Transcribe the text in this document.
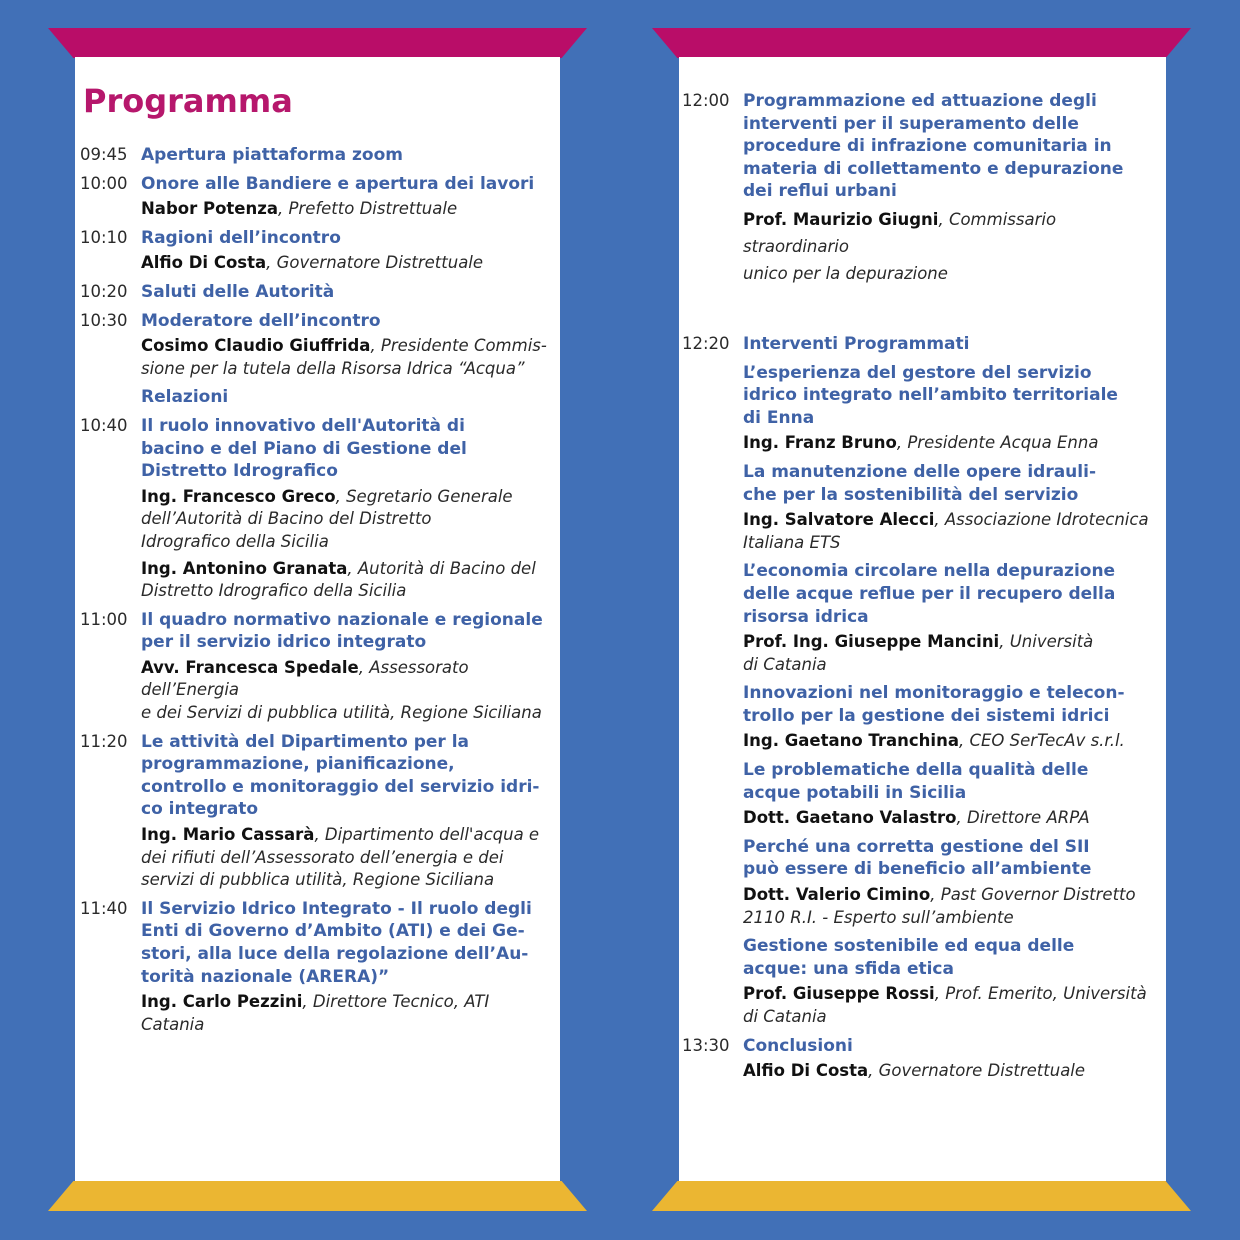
Programma
09:45 Apertura piattaforma zoom
10:00 Onore alle Bandiere e apertura dei lavori
Nabor Potenza, Prefetto Distrettuale
10:10 Ragioni dell’incontro
Alfio Di Costa, Governatore Distrettuale
10:20 Saluti delle Autorità
10:30 Moderatore dell’incontro
Cosimo Claudio Giuffrida, Presidente Commis-
sione per la tutela della Risorsa Idrica “Acqua”
Relazioni
10:40 Il ruolo innovativo dell'Autorità di
bacino e del Piano di Gestione del
Distretto Idrografico
Ing. Francesco Greco, Segretario Generale
dell’Autorità di Bacino del Distretto
Idrografico della Sicilia
Ing. Antonino Granata, Autorità di Bacino del
Distretto Idrografico della Sicilia
11:00 Il quadro normativo nazionale e regionale
per il servizio idrico integrato
Avv. Francesca Spedale, Assessorato dell’Energia
e dei Servizi di pubblica utilità, Regione Siciliana
11:20 Le attività del Dipartimento per la
programmazione, pianificazione,
controllo e monitoraggio del servizio idri-
co integrato
Ing. Mario Cassarà, Dipartimento dell'acqua e
dei rifiuti dell’Assessorato dell’energia e dei
servizi di pubblica utilità, Regione Siciliana
11:40 Il Servizio Idrico Integrato - Il ruolo degli
Enti di Governo d’Ambito (ATI) e dei Ge-
stori, alla luce della regolazione dell’Au-
torità nazionale (ARERA)”
Ing. Carlo Pezzini, Direttore Tecnico, ATI Catania
12:00 Programmazione ed attuazione degli
interventi per il superamento delle
procedure di infrazione comunitaria in
materia di collettamento e depurazione
dei reflui urbani
Prof. Maurizio Giugni, Commissario straordinario
unico per la depurazione
12:20 Interventi Programmati
L’esperienza del gestore del servizio
idrico integrato nell’ambito territoriale
di Enna
Ing. Franz Bruno, Presidente Acqua Enna
La manutenzione delle opere idrauli-
che per la sostenibilità del servizio
Ing. Salvatore Alecci, Associazione Idrotecnica
Italiana ETS
L’economia circolare nella depurazione
delle acque reflue per il recupero della
risorsa idrica
Prof. Ing. Giuseppe Mancini, Università
di Catania
Innovazioni nel monitoraggio e telecon-
trollo per la gestione dei sistemi idrici
Ing. Gaetano Tranchina, CEO SerTecAv s.r.l.
Le problematiche della qualità delle
acque potabili in Sicilia
Dott. Gaetano Valastro, Direttore ARPA
Perché una corretta gestione del SII
può essere di beneficio all’ambiente
Dott. Valerio Cimino, Past Governor Distretto
2110 R.I. - Esperto sull’ambiente
Gestione sostenibile ed equa delle
acque: una sfida etica
Prof. Giuseppe Rossi, Prof. Emerito, Università
di Catania
13:30 Conclusioni
Alfio Di Costa, Governatore Distrettuale
